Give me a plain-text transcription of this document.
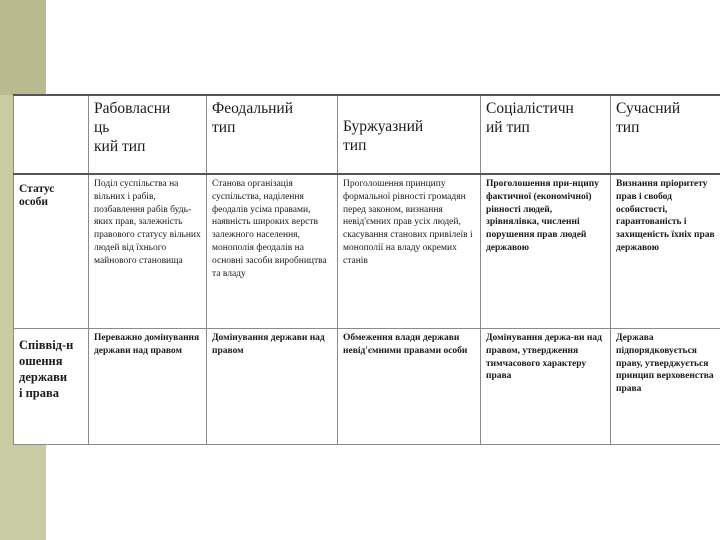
	Рабовласни
ць
кий тип	Феодальний
тип	Буржуазний
тип	Соціалістичн
ий тип	Сучасний
тип

Статус
особи	Поділ суспільства на вільних і рабів, позбавлення рабів будь-яких прав, залежність правового статусу вільних людей від їхнього майнового становища	Станова організація суспільства, наділення феодалів усіма правами, наявність широких верств залежного населення, монополія феодалів на основні засоби виробництва та владу	Проголошення принципу формальної рівності громадян перед законом, визнання невід'ємних прав усіх людей, скасування станових привілеїв і монополії на владу окремих станів	Проголошення при-нципу фактичної (економічної) рівності людей, зрівнялівка, численні порушення прав людей державою	Визнання пріоритету прав і свобод особистості, гарантованість і захищеність їхніх прав державою
Співвід-н
ошення
держави
і права	Переважно домінування держави над правом	Домінування держави над правом	Обмеження влади держави невід'ємними правами особи	Домінування держа-ви над правом, утвердження тимчасового характеру права	Держава підпорядковується праву, утверджується принцип верховенства права
